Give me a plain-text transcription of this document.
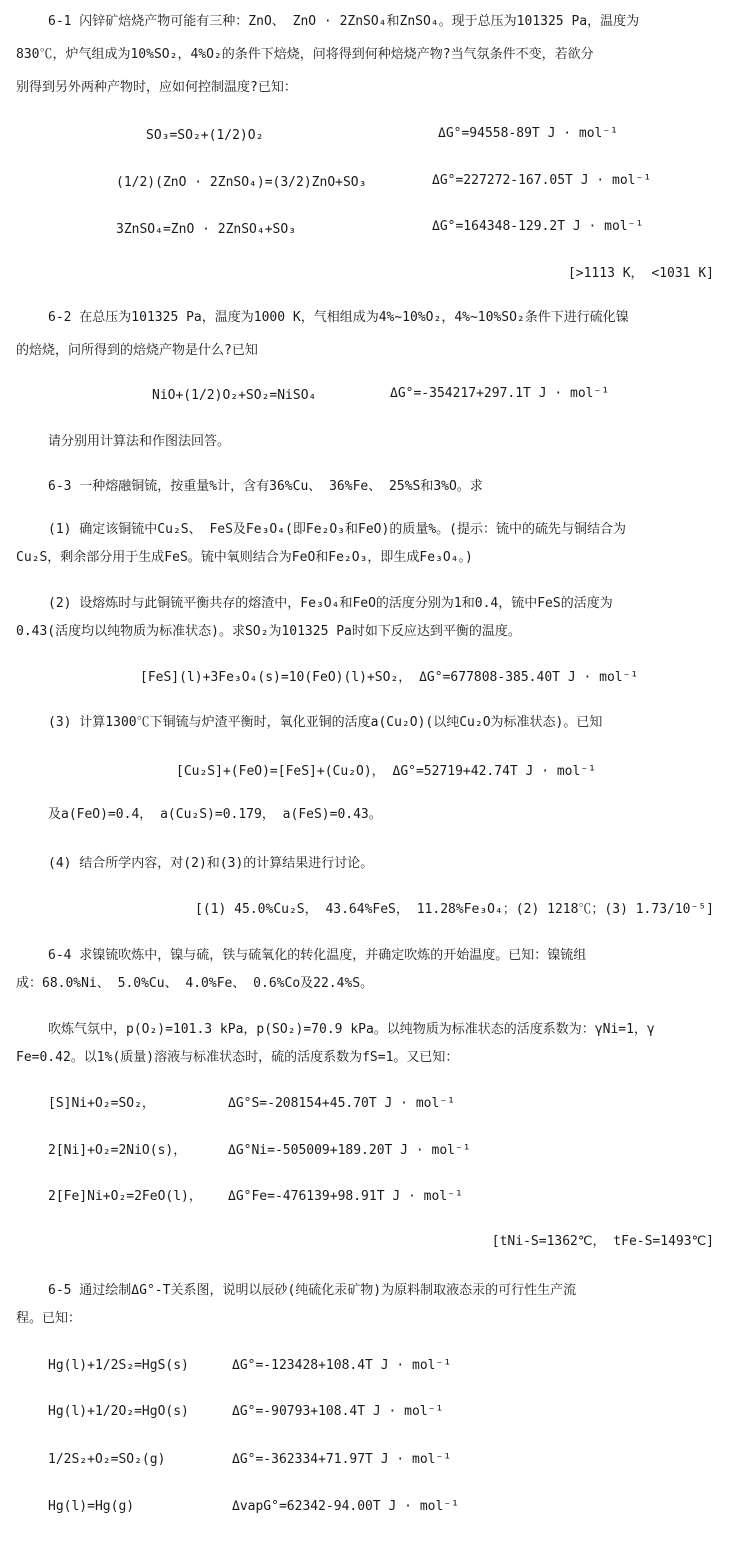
6-1 闪锌矿焙烧产物可能有三种：ZnO、 ZnO · 2ZnSO₄和ZnSO₄。现于总压为101325 Pa，温度为
830℃，炉气组成为10%SO₂，4%O₂的条件下焙烧，问将得到何种焙烧产物?当气氛条件不变，若欲分
别得到另外两种产物时，应如何控制温度?已知：
SO₃=SO₂+(1/2)O₂	ΔG°=94558-89T J · mol⁻¹
(1/2)(ZnO · 2ZnSO₄)=(3/2)ZnO+SO₃	ΔG°=227272-167.05T J · mol⁻¹
3ZnSO₄=ZnO · 2ZnSO₄+SO₃	ΔG°=164348-129.2T J · mol⁻¹
[>1113 K， <1031 K]
6-2 在总压为101325 Pa，温度为1000 K，气相组成为4%~10%O₂，4%~10%SO₂条件下进行硫化镍
的焙烧，问所得到的焙烧产物是什么?已知
NiO+(1/2)O₂+SO₂=NiSO₄	ΔG°=-354217+297.1T J · mol⁻¹
请分别用计算法和作图法回答。
6-3 一种熔融铜锍，按重量%计，含有36%Cu、 36%Fe、 25%S和3%O。求
(1) 确定该铜锍中Cu₂S、 FeS及Fe₃O₄(即Fe₂O₃和FeO)的质量%。(提示：锍中的硫先与铜结合为
Cu₂S，剩余部分用于生成FeS。锍中氧则结合为FeO和Fe₂O₃，即生成Fe₃O₄。)
(2) 设熔炼时与此铜锍平衡共存的熔渣中，Fe₃O₄和FeO的活度分别为1和0.4，锍中FeS的活度为
0.43(活度均以纯物质为标准状态)。求SO₂为101325 Pa时如下反应达到平衡的温度。
[FeS](l)+3Fe₃O₄(s)=10(FeO)(l)+SO₂， ΔG°=677808-385.40T J · mol⁻¹
(3) 计算1300℃下铜锍与炉渣平衡时，氧化亚铜的活度a(Cu₂O)(以纯Cu₂O为标准状态)。已知
[Cu₂S]+(FeO)=[FeS]+(Cu₂O)， ΔG°=52719+42.74T J · mol⁻¹
及a(FeO)=0.4， a(Cu₂S)=0.179， a(FeS)=0.43。
(4) 结合所学内容，对(2)和(3)的计算结果进行讨论。
[(1) 45.0%Cu₂S， 43.64%FeS， 11.28%Fe₃O₄；(2) 1218℃；(3) 1.73/10⁻⁵]
6-4 求镍锍吹炼中，镍与硫，铁与硫氧化的转化温度，并确定吹炼的开始温度。已知：镍锍组
成：68.0%Ni、 5.0%Cu、 4.0%Fe、 0.6%Co及22.4%S。
吹炼气氛中，p(O₂)=101.3 kPa，p(SO₂)=70.9 kPa。以纯物质为标准状态的活度系数为：γNi=1，γ
Fe=0.42。以1%(质量)溶液与标准状态时，硫的活度系数为fS=1。又已知：
[S]Ni+O₂=SO₂，	ΔG°S=-208154+45.70T J · mol⁻¹
2[Ni]+O₂=2NiO(s)，	ΔG°Ni=-505009+189.20T J · mol⁻¹
2[Fe]Ni+O₂=2FeO(l)， ΔG°Fe=-476139+98.91T J · mol⁻¹
[tNi-S=1362℃， tFe-S=1493℃]
6-5 通过绘制ΔG°-T关系图，说明以辰砂(纯硫化汞矿物)为原料制取液态汞的可行性生产流
程。已知：
Hg(l)+1/2S₂=HgS(s)	ΔG°=-123428+108.4T J · mol⁻¹
Hg(l)+1/2O₂=HgO(s)	ΔG°=-90793+108.4T J · mol⁻¹
1/2S₂+O₂=SO₂(g)	ΔG°=-362334+71.97T J · mol⁻¹
Hg(l)=Hg(g)	ΔvapG°=62342-94.00T J · mol⁻¹
